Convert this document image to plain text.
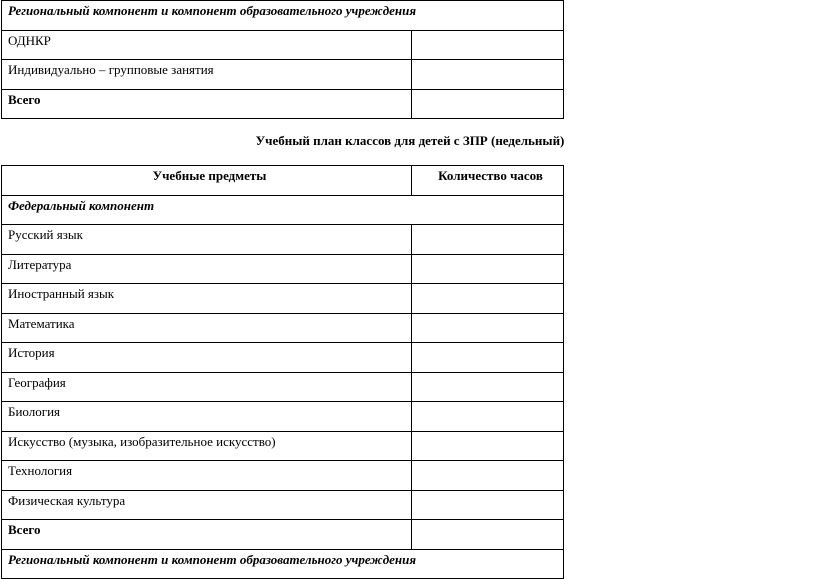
Региональный компонент и компонент образовательного учреждения	
ОДНКР	
Индивидуально – групповые занятия	
Всего	
Учебный план классов для детей с ЗПР (недельный)
Учебные предметы	Количество часов
Федеральный компонент	
Русский язык	
Литература	
Иностранный язык	
Математика	
История	
География	
Биология	
Искусство (музыка, изобразительное искусство)	
Технология	
Физическая культура	
Всего	
Региональный компонент и компонент образовательного учреждения	
